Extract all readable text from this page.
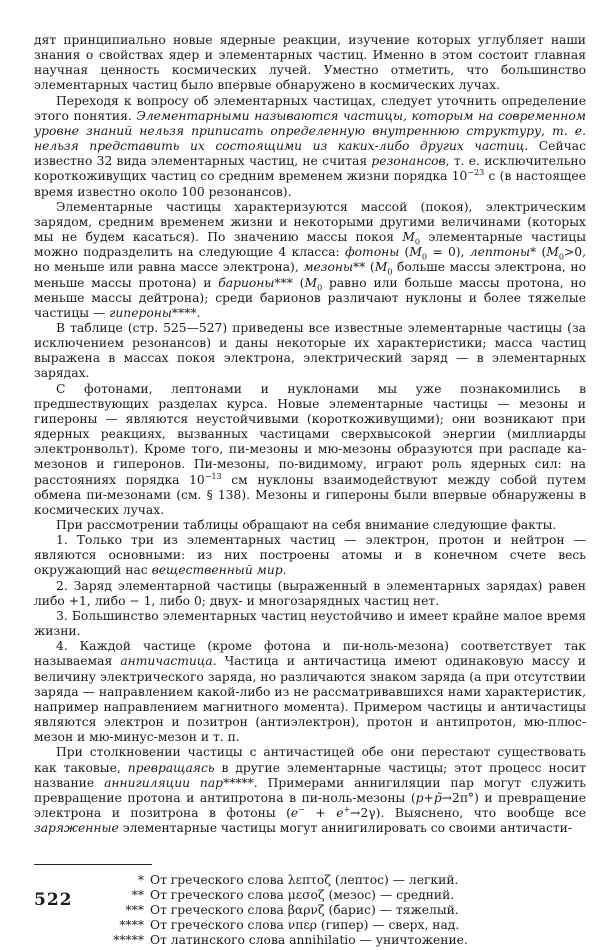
дят принципиально новые ядерные реакции, изучение которых углубляет наши знания о свойствах ядер и элементарных частиц. Именно в этом состоит главная научная ценность космических лучей. Уместно отметить, что большинство элементарных частиц было впервые обнаружено в космических лучах.

Переходя к вопросу об элементарных частицах, следует уточнить определение этого понятия. Элементарными называются частицы, которым на современном уровне знаний нельзя приписать определенную внутреннюю структуру, т. е. нельзя представить их состоящими из каких-либо других частиц. Сейчас известно 32 вида элементарных частиц, не считая резонансов, т. е. исключительно короткоживущих частиц со средним временем жизни порядка $10^{-23}$ с (в настоящее время известно около 100 резонансов).

Элементарные частицы характеризуются массой (покоя), электрическим зарядом, средним временем жизни и некоторыми другими величинами (которых мы не будем касаться). По значению массы покоя $M_0$ элементарные частицы можно подразделить на следующие 4 класса: фотоны $(M_0 = 0)$, лептоны* ($M_0>0$, но меньше или равна массе электрона), мезоны** ($M_0$ больше массы электрона, но меньше массы протона) и барионы*** ($M_0$ равно или больше массы протона, но меньше массы дейтрона); среди барионов различают нуклоны и более тяжелые частицы — гипероны****.

В таблице (стр. 525—527) приведены все известные элементарные частицы (за исключением резонансов) и даны некоторые их характеристики; масса частиц выражена в массах покоя электрона, электрический заряд — в элементарных зарядах.

С фотонами, лептонами и нуклонами мы уже познакомились в предшествующих разделах курса. Новые элементарные частицы — мезоны и гипероны — являются неустойчивыми (короткоживущими); они возникают при ядерных реакциях, вызванных частицами сверхвысокой энергии (миллиарды электронвольт). Кроме того, пи-мезоны и мю-мезоны образуются при распаде ка-мезонов и гиперонов. Пи-мезоны, по-видимому, играют роль ядерных сил: на расстояниях порядка $10^{-13}$ см нуклоны взаимодействуют между собой путем обмена пи-мезонами (см. § 138). Мезоны и гипероны были впервые обнаружены в космических лучах.

При рассмотрении таблицы обращают на себя внимание следующие факты.

1. Только три из элементарных частиц — электрон, протон и нейтрон — являются основными: из них построены атомы и в конечном счете весь окружающий нас вещественный мир.

2. Заряд элементарной частицы (выраженный в элементарных зарядах) равен либо +1, либо − 1, либо 0; двух- и многозарядных частиц нет.

3. Большинство элементарных частиц неустойчиво и имеет крайне малое время жизни.

4. Каждой частице (кроме фотона и пи-ноль-мезона) соответствует так называемая античастица. Частица и античастица имеют одинаковую массу и величину электрического заряда, но различаются знаком заряда (а при отсутствии заряда — направлением какой-либо из не рассматривавшихся нами характеристик, например направлением магнитного момента). Примером частицы и античастицы являются электрон и позитрон (антиэлектрон), протон и антипротон, мю-плюс-мезон и мю-минус-мезон и т. п.

При столкновении частицы с античастицей обе они перестают существовать как таковые, превращаясь в другие элементарные частицы; этот процесс носит название аннигиляции пар*****. Примерами аннигиляции пар могут служить превращение протона и антипротона в пи-ноль-мезоны (p+p̃→2π°) и превращение электрона и позитрона в фотоны (e− + e+→2γ). Выяснено, что вообще все заряженные элементарные частицы могут аннигилировать со своими античасти-

* От греческого слова λεπτοζ (лептос) — легкий.
** От греческого слова μεσοζ (мезос) — средний.
*** От греческого слова βαρνζ (барис) — тяжелый.
**** От греческого слова νπερ (гипер) — сверх, над.
***** От латинского слова annihilatio — уничтожение.
522
